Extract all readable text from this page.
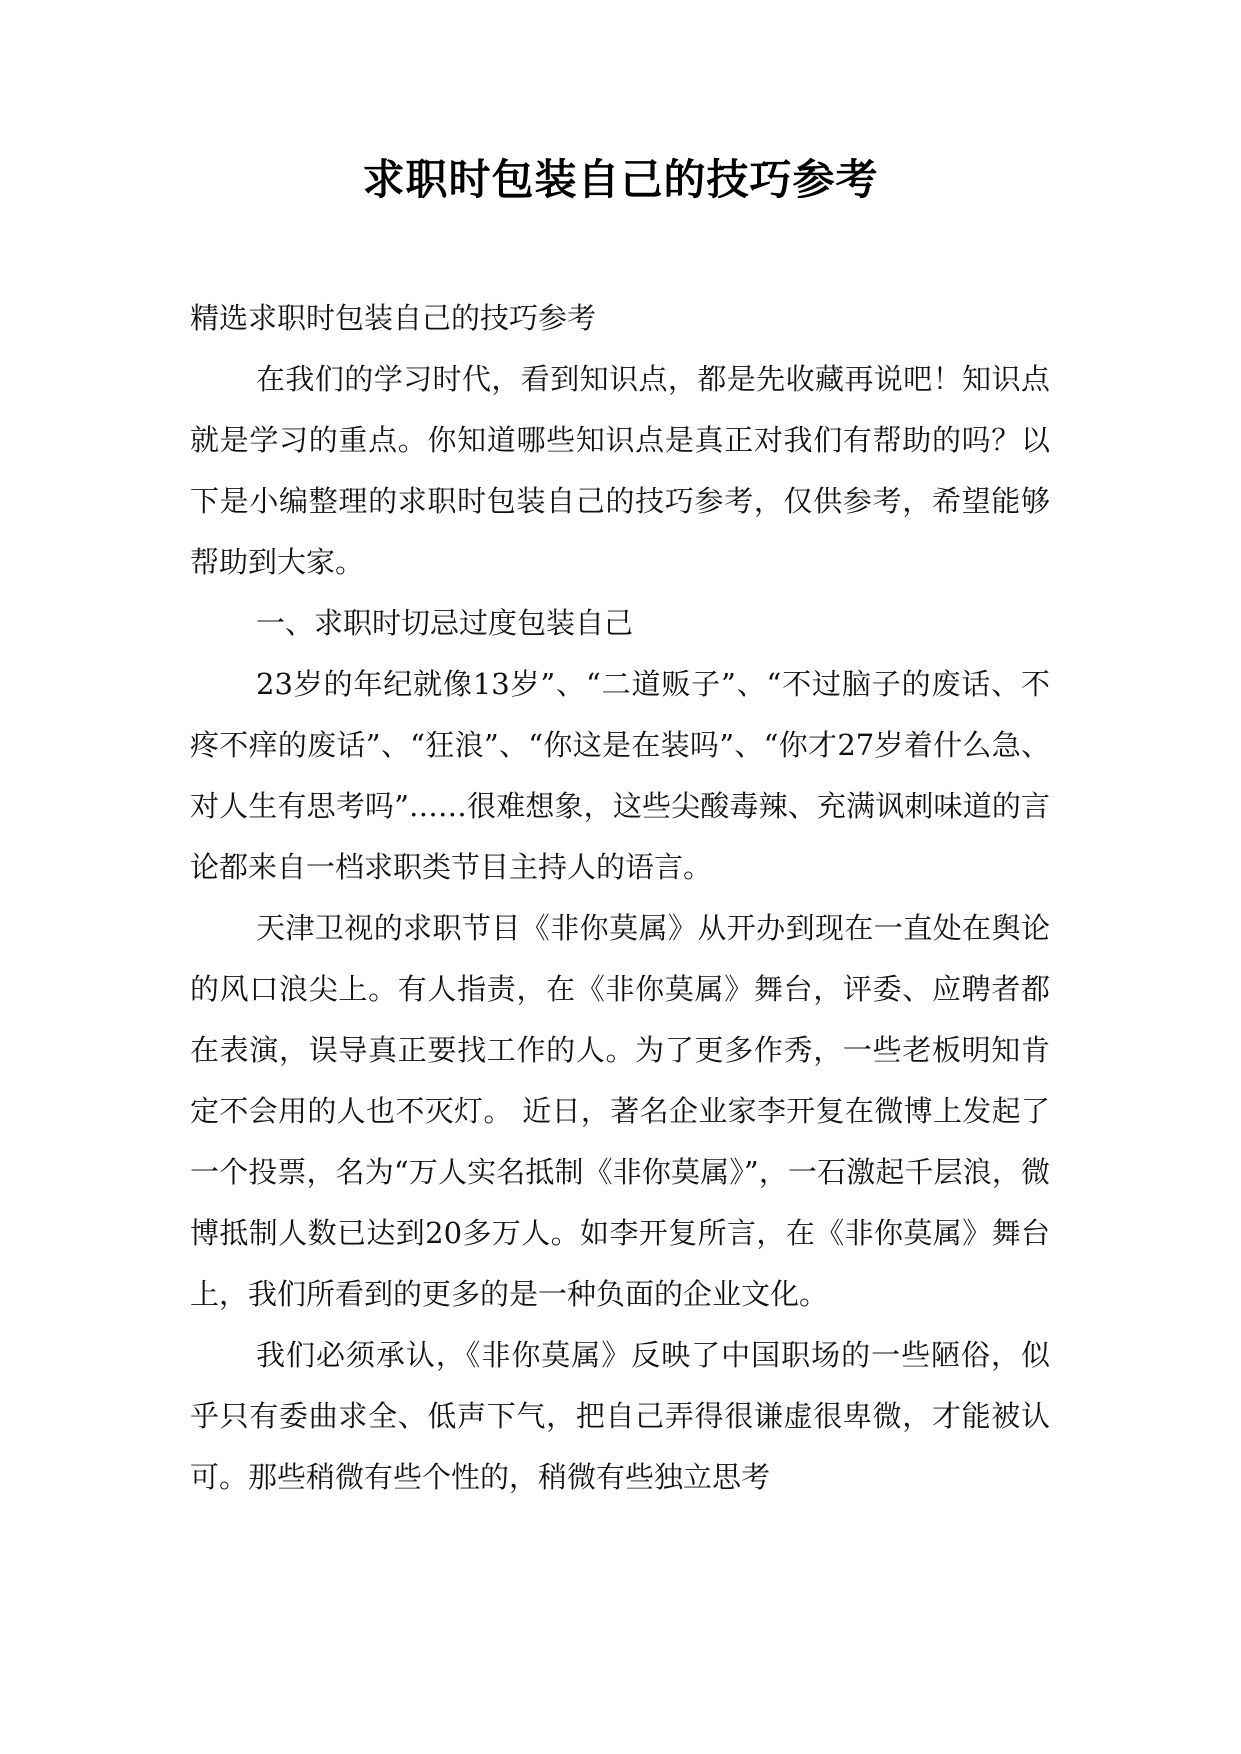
求职时包装自己的技巧参考

精选求职时包装自己的技巧参考

在我们的学习时代，看到知识点，都是先收藏再说吧！知识点就是学习的重点。你知道哪些知识点是真正对我们有帮助的吗？以下是小编整理的求职时包装自己的技巧参考，仅供参考，希望能够帮助到大家。

一、求职时切忌过度包装自己

23岁的年纪就像13岁”、“二道贩子”、“不过脑子的废话、不疼不痒的废话”、“狂浪”、“你这是在装吗”、“你才27岁着什么急、对人生有思考吗”……很难想象，这些尖酸毒辣、充满讽刺味道的言论都来自一档求职类节目主持人的语言。

天津卫视的求职节目《非你莫属》从开办到现在一直处在舆论的风口浪尖上。有人指责，在《非你莫属》舞台，评委、应聘者都在表演，误导真正要找工作的人。为了更多作秀，一些老板明知肯定不会用的人也不灭灯。 近日，著名企业家李开复在微博上发起了一个投票，名为“万人实名抵制《非你莫属》”，一石激起千层浪，微博抵制人数已达到20多万人。如李开复所言，在《非你莫属》舞台上，我们所看到的更多的是一种负面的企业文化。

我们必须承认，《非你莫属》反映了中国职场的一些陋俗，似乎只有委曲求全、低声下气，把自己弄得很谦虚很卑微，才能被认可。那些稍微有些个性的，稍微有些独立思考
